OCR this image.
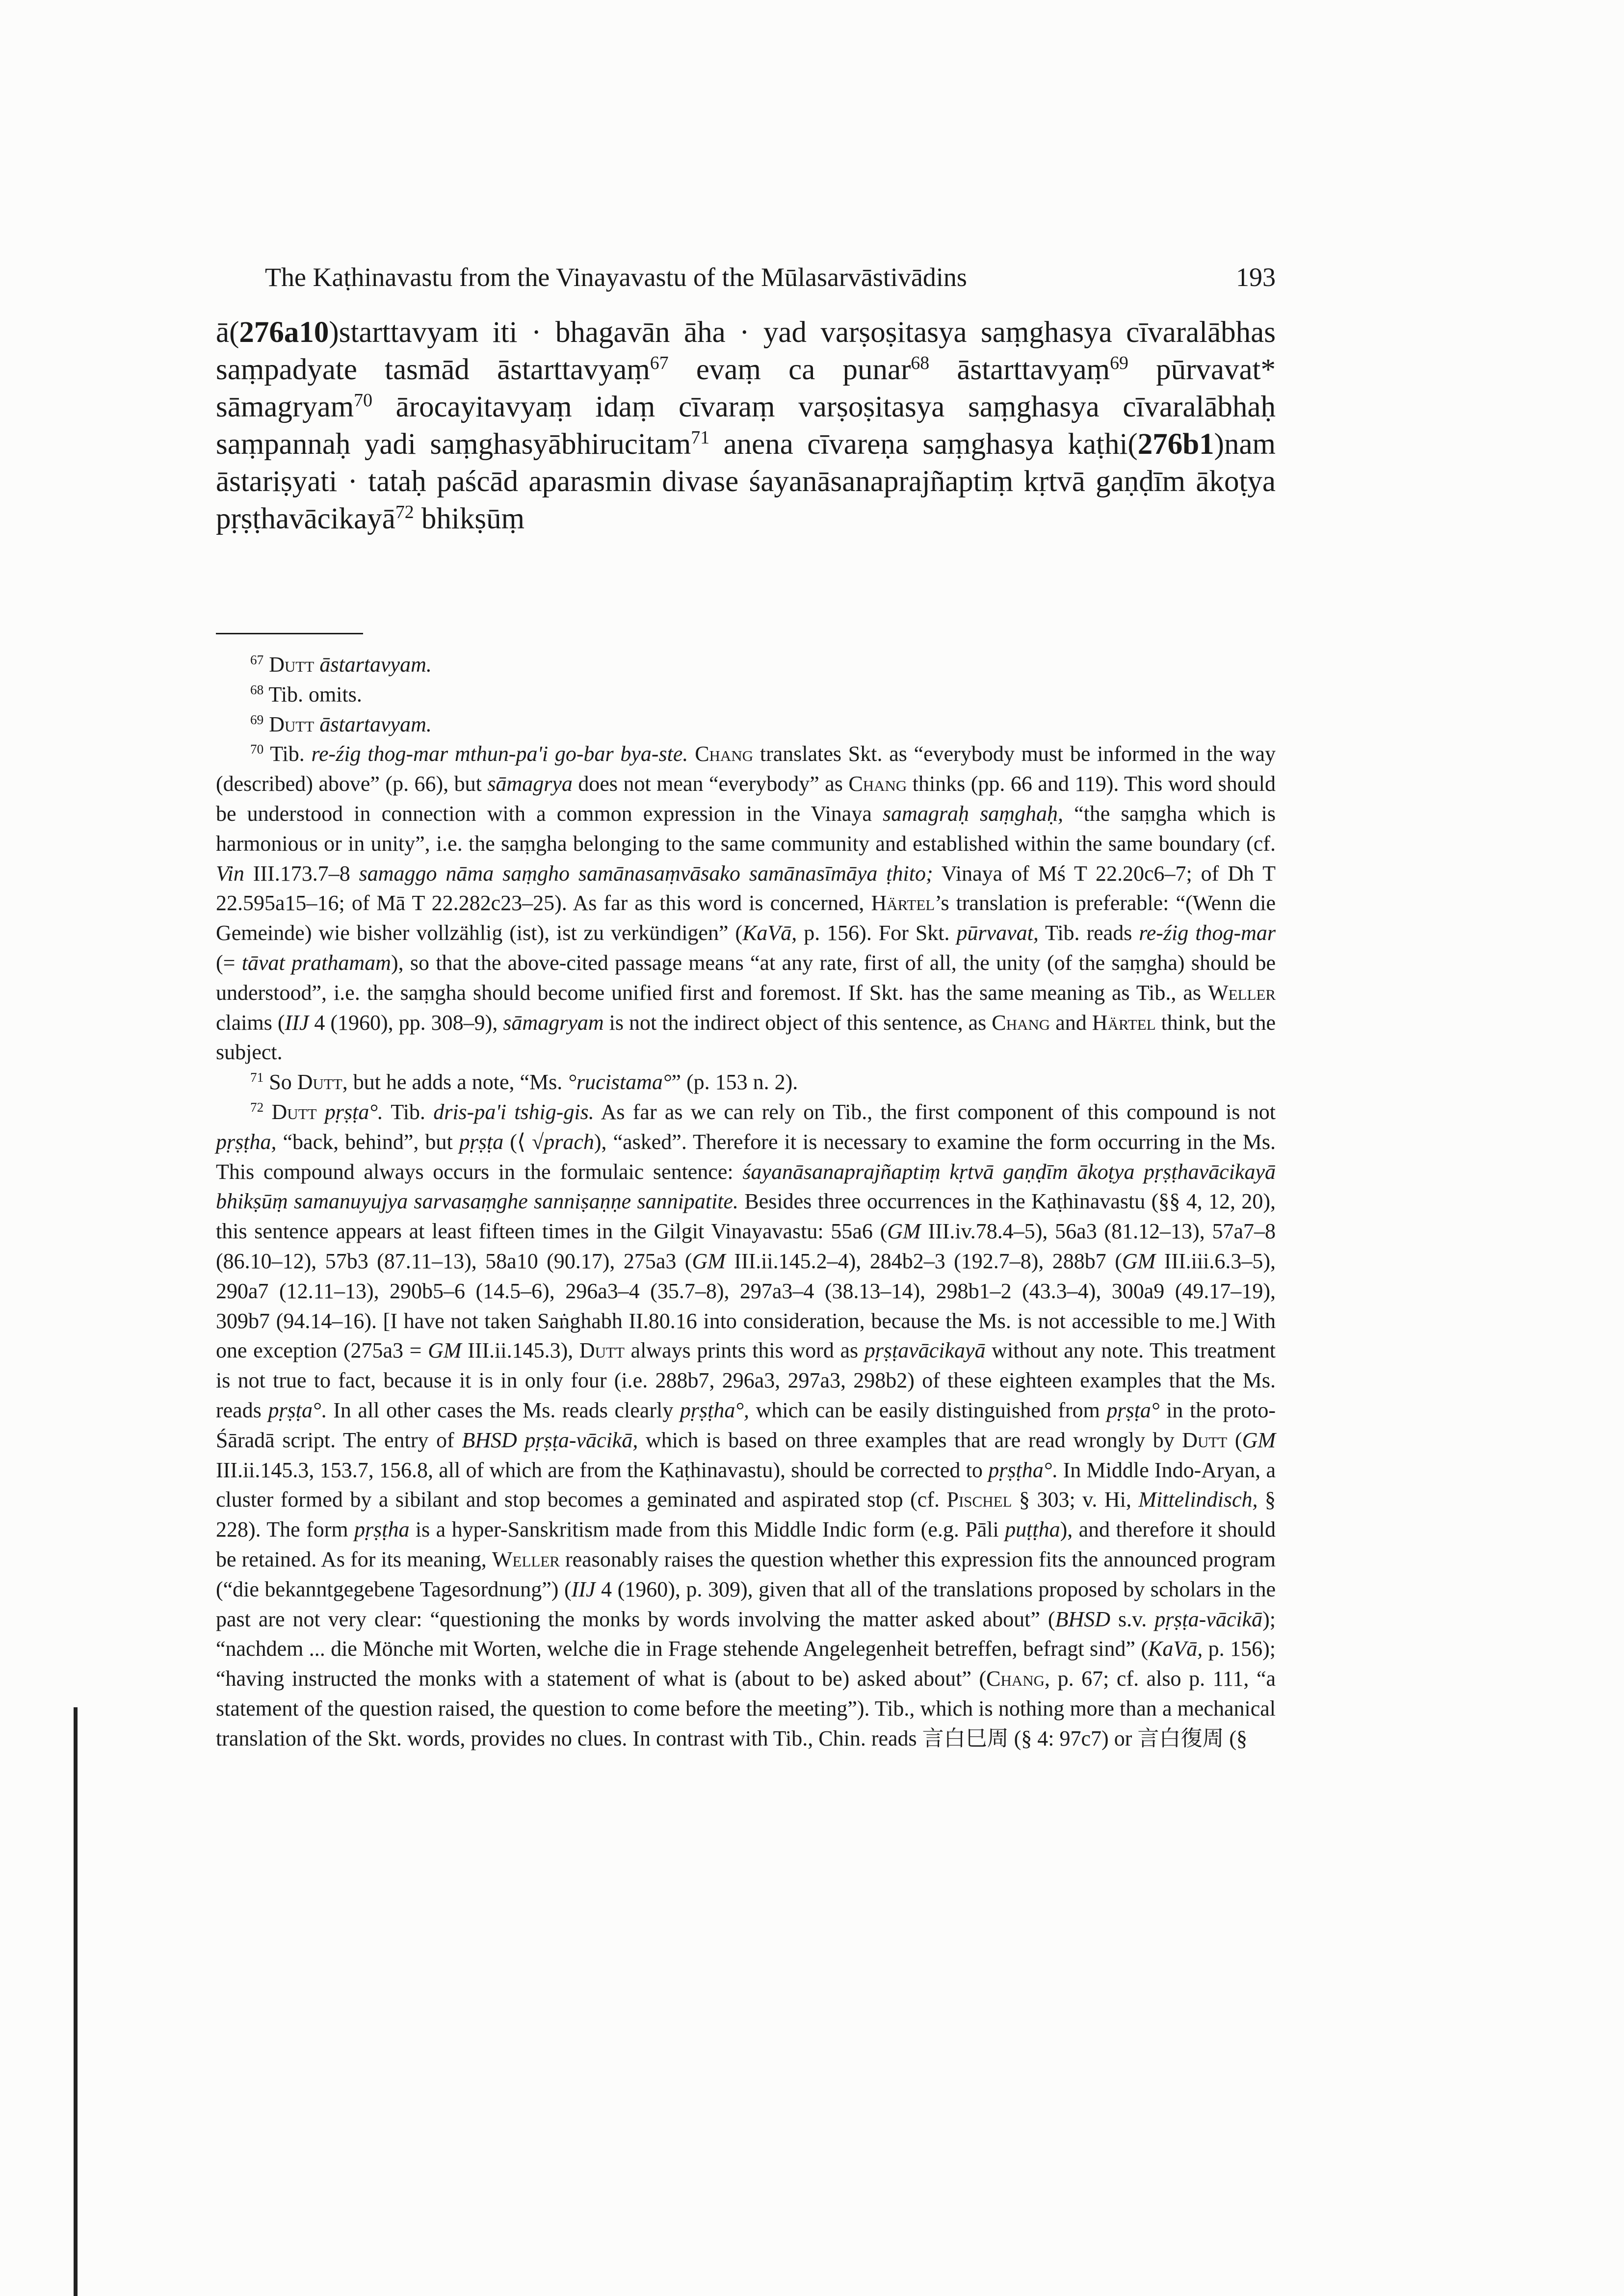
The Kaṭhinavastu from the Vinayavastu of the Mūlasarvāstivādins	193

ā(276a10)starttavyam iti · bhagavān āha · yad varṣoṣitasya saṃghasya cīvaralābhas saṃpadyate tasmād āstarttavyaṃ$^{67}$ evaṃ ca punar$^{68}$ āstarttavyaṃ$^{69}$ pūrvavat* sāmagryam$^{70}$ ārocayitavyaṃ idaṃ cīvaraṃ varṣoṣitasya saṃghasya cīvaralābhaḥ saṃpannaḥ yadi saṃghasyābhirucitam$^{71}$ anena cīvareṇa saṃghasya kaṭhi(276b1)nam āstariṣyati · tataḥ paścād aparasmin divase śayanāsanaprajñaptiṃ kṛtvā gaṇḍīm ākoṭya pṛṣṭhavācikayā$^{72}$ bhikṣūṃ

$^{67}$ Dutt āstartavyam.

$^{68}$ Tib. omits.

$^{69}$ Dutt āstartavyam.

$^{70}$ Tib. re-źig thog-mar mthun-pa'i go-bar bya-ste. Chang translates Skt. as “everybody must be informed in the way (described) above” (p. 66), but sāmagrya does not mean “everybody” as Chang thinks (pp. 66 and 119). This word should be understood in connection with a common expression in the Vinaya samagraḥ saṃghaḥ, “the saṃgha which is harmonious or in unity”, i.e. the saṃgha belonging to the same community and established within the same boundary (cf. Vin III.173.7–8 samaggo nāma saṃgho samānasaṃvāsako samānasīmāya ṭhito; Vinaya of Mś T 22.20c6–7; of Dh T 22.595a15–16; of Mā T 22.282c23–25). As far as this word is concerned, Härtel’s translation is preferable: “(Wenn die Gemeinde) wie bisher vollzählig (ist), ist zu verkündigen” (KaVā, p. 156). For Skt. pūrvavat, Tib. reads re-źig thog-mar (= tāvat prathamam), so that the above-cited passage means “at any rate, first of all, the unity (of the saṃgha) should be understood”, i.e. the saṃgha should become unified first and foremost. If Skt. has the same meaning as Tib., as Weller claims (IIJ 4 (1960), pp. 308–9), sāmagryam is not the indirect object of this sentence, as Chang and Härtel think, but the subject.

$^{71}$ So Dutt, but he adds a note, “Ms. °rucistama°” (p. 153 n. 2).

$^{72}$ Dutt pṛṣṭa°. Tib. dris-pa'i tshig-gis. As far as we can rely on Tib., the first component of this compound is not pṛṣṭha, “back, behind”, but pṛṣṭa (⟨ √prach), “asked”. Therefore it is necessary to examine the form occurring in the Ms. This compound always occurs in the formulaic sentence: śayanāsanaprajñaptiṃ kṛtvā gaṇḍīm ākoṭya pṛṣṭhavācikayā bhikṣūṃ samanuyujya sarvasaṃghe sanniṣaṇṇe sannipatite. Besides three occurrences in the Kaṭhinavastu (§§ 4, 12, 20), this sentence appears at least fifteen times in the Gilgit Vinayavastu: 55a6 (GM III.iv.78.4–5), 56a3 (81.12–13), 57a7–8 (86.10–12), 57b3 (87.11–13), 58a10 (90.17), 275a3 (GM III.ii.145.2–4), 284b2–3 (192.7–8), 288b7 (GM III.iii.6.3–5), 290a7 (12.11–13), 290b5–6 (14.5–6), 296a3–4 (35.7–8), 297a3–4 (38.13–14), 298b1–2 (43.3–4), 300a9 (49.17–19), 309b7 (94.14–16). [I have not taken Saṅghabh II.80.16 into consideration, because the Ms. is not accessible to me.] With one exception (275a3 = GM III.ii.145.3), Dutt always prints this word as pṛṣṭavācikayā without any note. This treatment is not true to fact, because it is in only four (i.e. 288b7, 296a3, 297a3, 298b2) of these eighteen examples that the Ms. reads pṛṣṭa°. In all other cases the Ms. reads clearly pṛṣṭha°, which can be easily distinguished from pṛṣṭa° in the proto-Śāradā script. The entry of BHSD pṛṣṭa-vācikā, which is based on three examples that are read wrongly by Dutt (GM III.ii.145.3, 153.7, 156.8, all of which are from the Kaṭhinavastu), should be corrected to pṛṣṭha°. In Middle Indo-Aryan, a cluster formed by a sibilant and stop becomes a geminated and aspirated stop (cf. Pischel § 303; v. Hi, Mittelindisch, § 228). The form pṛṣṭha is a hyper-Sanskritism made from this Middle Indic form (e.g. Pāli puṭṭha), and therefore it should be retained. As for its meaning, Weller reasonably raises the question whether this expression fits the announced program (“die bekanntgegebene Tagesordnung”) (IIJ 4 (1960), p. 309), given that all of the translations proposed by scholars in the past are not very clear: “questioning the monks by words involving the matter asked about” (BHSD s.v. pṛṣṭa-vācikā); “nachdem ... die Mönche mit Worten, welche die in Frage stehende Angelegenheit betreffen, befragt sind” (KaVā, p. 156); “having instructed the monks with a statement of what is (about to be) asked about” (Chang, p. 67; cf. also p. 111, “a statement of the question raised, the question to come before the meeting”). Tib., which is nothing more than a mechanical translation of the Skt. words, provides no clues. In contrast with Tib., Chin. reads 言白巳周 (§ 4: 97c7) or 言白復周 (§
